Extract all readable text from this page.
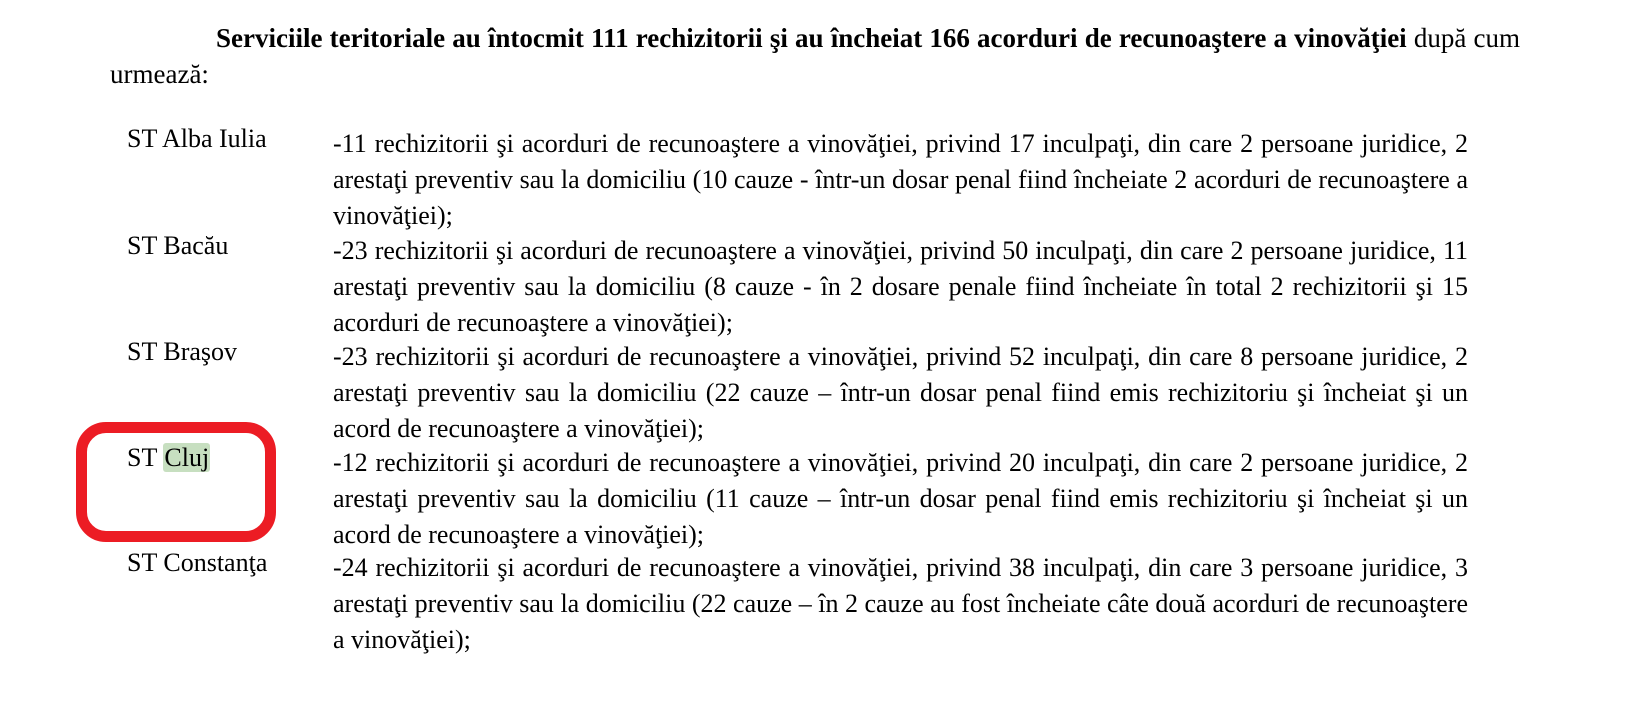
Serviciile teritoriale au întocmit 111 rechizitorii şi au încheiat 166 acorduri de recunoaştere a vinovăţiei după cum urmează:

ST Alba Iulia	-11 rechizitorii şi acorduri de recunoaştere a vinovăţiei, privind 17 inculpaţi, din care 2 persoane juridice, 2 arestaţi preventiv sau la domiciliu (10 cauze - într-un dosar penal fiind încheiate 2 acorduri de recunoaştere a vinovăţiei);

ST Bacău	-23 rechizitorii şi acorduri de recunoaştere a vinovăţiei, privind 50 inculpaţi, din care 2 persoane juridice, 11 arestaţi preventiv sau la domiciliu (8 cauze - în 2 dosare penale fiind încheiate în total 2 rechizitorii şi 15 acorduri de recunoaştere a vinovăţiei);

ST Braşov	-23 rechizitorii şi acorduri de recunoaştere a vinovăţiei, privind 52 inculpaţi, din care 8 persoane juridice, 2 arestaţi preventiv sau la domiciliu (22 cauze – într-un dosar penal fiind emis rechizitoriu şi încheiat şi un acord de recunoaştere a vinovăţiei);

ST Cluj	-12 rechizitorii şi acorduri de recunoaştere a vinovăţiei, privind 20 inculpaţi, din care 2 persoane juridice, 2 arestaţi preventiv sau la domiciliu (11 cauze – într-un dosar penal fiind emis rechizitoriu şi încheiat şi un acord de recunoaştere a vinovăţiei);

ST Constanţa	-24 rechizitorii şi acorduri de recunoaştere a vinovăţiei, privind 38 inculpaţi, din care 3 persoane juridice, 3 arestaţi preventiv sau la domiciliu (22 cauze – în 2 cauze au fost încheiate câte două acorduri de recunoaştere a vinovăţiei);
